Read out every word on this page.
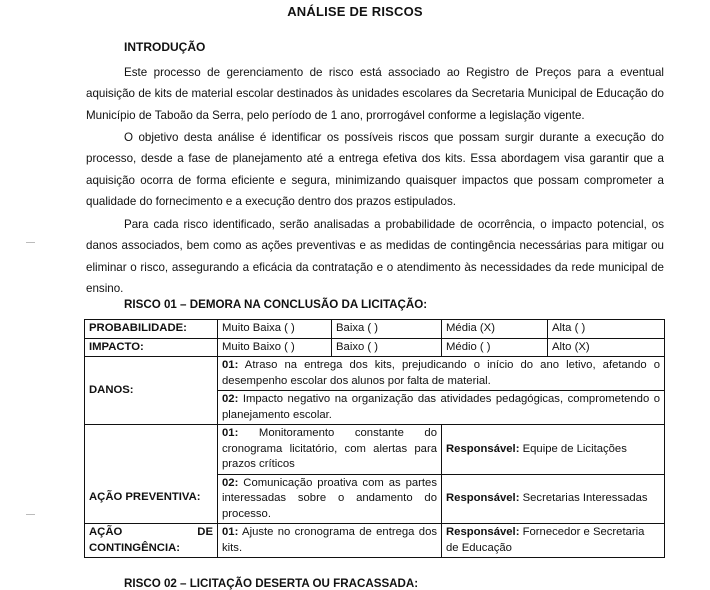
ANÁLISE DE RISCOS
INTRODUÇÃO
Este processo de gerenciamento de risco está associado ao Registro de Preços para a eventual aquisição de kits de material escolar destinados às unidades escolares da Secretaria Municipal de Educação do Município de Taboão da Serra, pelo período de 1 ano, prorrogável conforme a legislação vigente.
O objetivo desta análise é identificar os possíveis riscos que possam surgir durante a execução do processo, desde a fase de planejamento até a entrega efetiva dos kits. Essa abordagem visa garantir que a aquisição ocorra de forma eficiente e segura, minimizando quaisquer impactos que possam comprometer a qualidade do fornecimento e a execução dentro dos prazos estipulados.
Para cada risco identificado, serão analisadas a probabilidade de ocorrência, o impacto potencial, os danos associados, bem como as ações preventivas e as medidas de contingência necessárias para mitigar ou eliminar o risco, assegurando a eficácia da contratação e o atendimento às necessidades da rede municipal de ensino.
RISCO 01 – DEMORA NA CONCLUSÃO DA LICITAÇÃO:
PROBABILIDADE:	Muito Baixa ( )	Baixa ( )	Média (X)	Alta ( )
IMPACTO:	Muito Baixo ( )	Baixo ( )	Médio ( )	Alto (X)
DANOS:	01: Atraso na entrega dos kits, prejudicando o início do ano letivo, afetando o desempenho escolar dos alunos por falta de material.			
	02: Impacto negativo na organização das atividades pedagógicas, comprometendo o planejamento escolar.			
AÇÃO PREVENTIVA:	01: Monitoramento constante do cronograma licitatório, com alertas para prazos críticos		Responsável: Equipe de Licitações	
	02: Comunicação proativa com as partes interessadas sobre o andamento do processo.		Responsável: Secretarias Interessadas	

AÇÃO DE
CONTINGÊNCIA:	01: Ajuste no cronograma de entrega dos kits.		Responsável: Fornecedor e Secretaria de Educação	
RISCO 02 – LICITAÇÃO DESERTA OU FRACASSADA:
